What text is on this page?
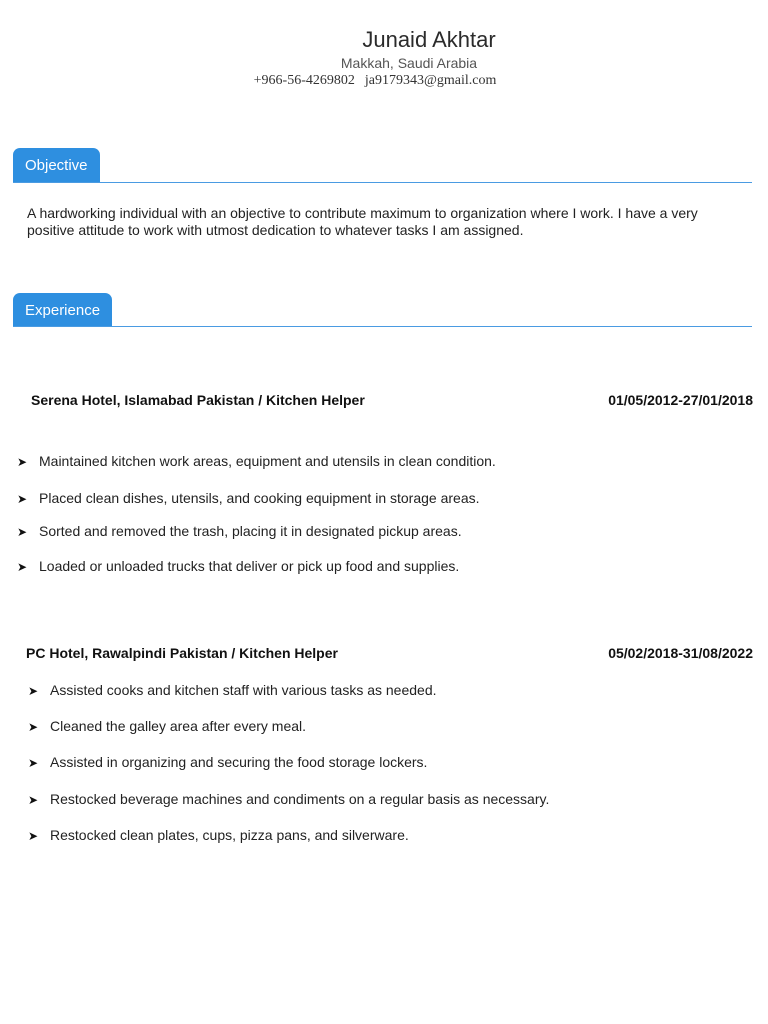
Junaid Akhtar
Makkah, Saudi Arabia
+966-56-4269802 ja9179343@gmail.com
Objective
A hardworking individual with an objective to contribute maximum to organization where I work. I have a very positive attitude to work with utmost dedication to whatever tasks I am assigned.
Experience
Serena Hotel, Islamabad Pakistan / Kitchen Helper	01/05/2012-27/01/2018
➤ Maintained kitchen work areas, equipment and utensils in clean condition.
➤ Placed clean dishes, utensils, and cooking equipment in storage areas.
➤ Sorted and removed the trash, placing it in designated pickup areas.
➤ Loaded or unloaded trucks that deliver or pick up food and supplies.
PC Hotel, Rawalpindi Pakistan / Kitchen Helper	05/02/2018-31/08/2022
➤ Assisted cooks and kitchen staff with various tasks as needed.
➤ Cleaned the galley area after every meal.
➤ Assisted in organizing and securing the food storage lockers.
➤ Restocked beverage machines and condiments on a regular basis as necessary.
➤ Restocked clean plates, cups, pizza pans, and silverware.
